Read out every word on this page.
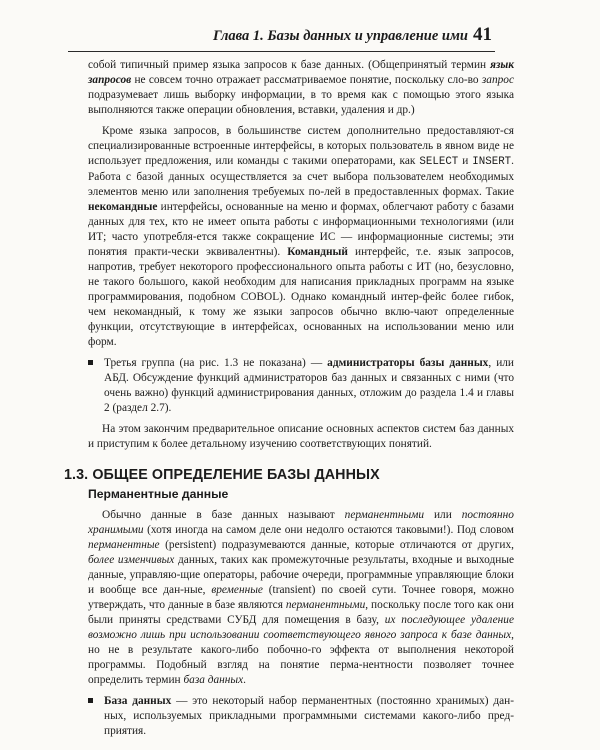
Глава 1. Базы данных и управление ими 41

собой типичный пример языка запросов к базе данных. (Общепринятый термин язык запросов не совсем точно отражает рассматриваемое понятие, поскольку сло-во запрос подразумевает лишь выборку информации, в то время как с помощью этого языка выполняются также операции обновления, вставки, удаления и др.)

Кроме языка запросов, в большинстве систем дополнительно предоставляют-ся специализированные встроенные интерфейсы, в которых пользователь в явном виде не использует предложения, или команды с такими операторами, как SELECT и INSERT. Работа с базой данных осуществляется за счет выбора пользователем необходимых элементов меню или заполнения требуемых по-лей в предоставленных формах. Такие некомандные интерфейсы, основанные на меню и формах, облегчают работу с базами данных для тех, кто не имеет опыта работы с информационными технологиями (или ИТ; часто употребля-ется также сокращение ИС — информационные системы; эти понятия практи-чески эквивалентны). Командный интерфейс, т.е. язык запросов, напротив, требует некоторого профессионального опыта работы с ИТ (но, безусловно, не такого большого, какой необходим для написания прикладных программ на языке программирования, подобном COBOL). Однако командный интер-фейс более гибок, чем некомандный, к тому же языки запросов обычно вклю-чают определенные функции, отсутствующие в интерфейсах, основанных на использовании меню или форм.

Третья группа (на рис. 1.3 не показана) — администраторы базы данных, или АБД. Обсуждение функций администраторов баз данных и связанных с ними (что очень важно) функций администрирования данных, отложим до раздела 1.4 и главы 2 (раздел 2.7).

На этом закончим предварительное описание основных аспектов систем баз данных и приступим к более детальному изучению соответствующих понятий.

1.3. ОБЩЕЕ ОПРЕДЕЛЕНИЕ БАЗЫ ДАННЫХ
Перманентные данные

Обычно данные в базе данных называют перманентными или постоянно хранимыми (хотя иногда на самом деле они недолго остаются таковыми!). Под словом перманентные (persistent) подразумеваются данные, которые отличаются от других, более изменчивых данных, таких как промежуточные результаты, входные и выходные данные, управляю-щие операторы, рабочие очереди, программные управляющие блоки и вообще все дан-ные, временные (transient) по своей сути. Точнее говоря, можно утверждать, что данные в базе являются перманентными, поскольку после того как они были приняты средствами СУБД для помещения в базу, их последующее удаление возможно лишь при использовании соответствующего явного запроса к базе данных, но не в результате какого-либо побочно-го эффекта от выполнения некоторой программы. Подобный взгляд на понятие перма-нентности позволяет точнее определить термин база данных.

База данных — это некоторый набор перманентных (постоянно хранимых) дан-ных, используемых прикладными программными системами какого-либо пред-приятия.
